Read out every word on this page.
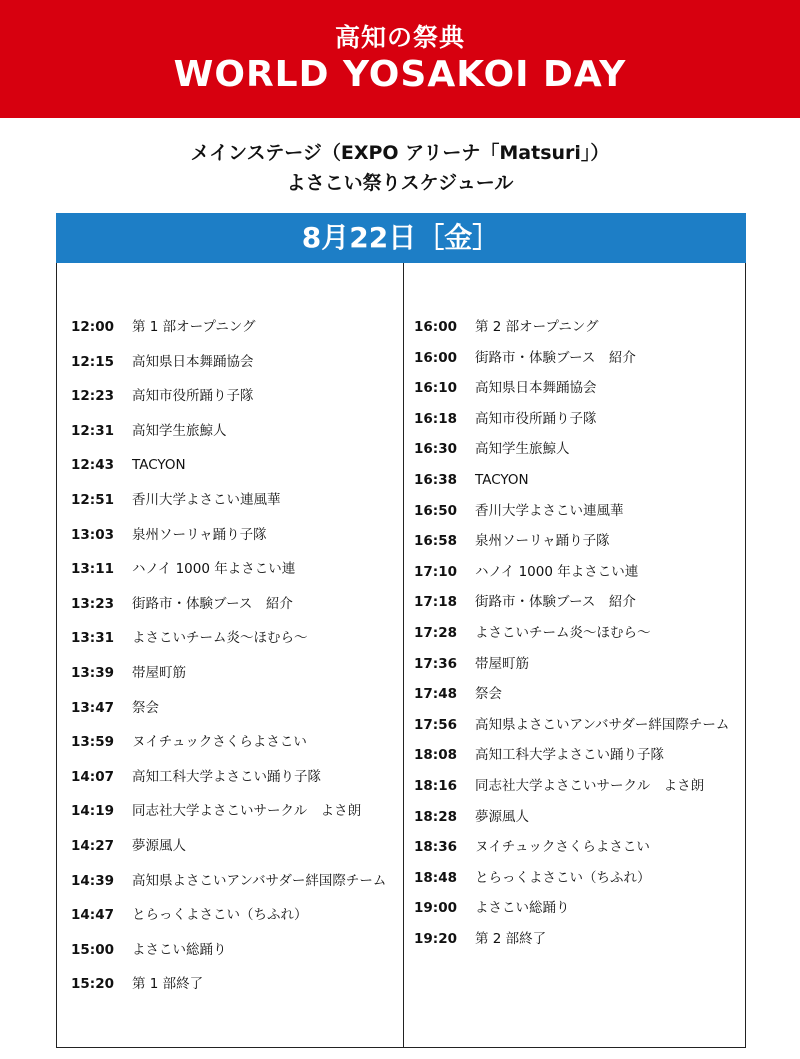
高知の祭典
WORLD YOSAKOI DAY
メインステージ（EXPO アリーナ「Matsuri」）
よさこい祭りスケジュール
8月22日［金］
12:00 第 1 部オープニング
12:15 高知県日本舞踊協会
12:23 高知市役所踊り子隊
12:31 高知学生旅鯨人
12:43 TACYON
12:51 香川大学よさこい連風華
13:03 泉州ソーリャ踊り子隊
13:11 ハノイ 1000 年よさこい連
13:23 街路市・体験ブース　紹介
13:31 よさこいチーム炎～ほむら～
13:39 帯屋町筋
13:47 祭会
13:59 ヌイチュックさくらよさこい
14:07 高知工科大学よさこい踊り子隊
14:19 同志社大学よさこいサークル　よさ朗
14:27 夢源風人
14:39 高知県よさこいアンバサダー絆国際チーム
14:47 とらっくよさこい（ちふれ）
15:00 よさこい総踊り
15:20 第 1 部終了
16:00 第 2 部オープニング
16:00 街路市・体験ブース　紹介
16:10 高知県日本舞踊協会
16:18 高知市役所踊り子隊
16:30 高知学生旅鯨人
16:38 TACYON
16:50 香川大学よさこい連風華
16:58 泉州ソーリャ踊り子隊
17:10 ハノイ 1000 年よさこい連
17:18 街路市・体験ブース　紹介
17:28 よさこいチーム炎～ほむら～
17:36 帯屋町筋
17:48 祭会
17:56 高知県よさこいアンバサダー絆国際チーム
18:08 高知工科大学よさこい踊り子隊
18:16 同志社大学よさこいサークル　よさ朗
18:28 夢源風人
18:36 ヌイチュックさくらよさこい
18:48 とらっくよさこい（ちふれ）
19:00 よさこい総踊り
19:20 第 2 部終了
